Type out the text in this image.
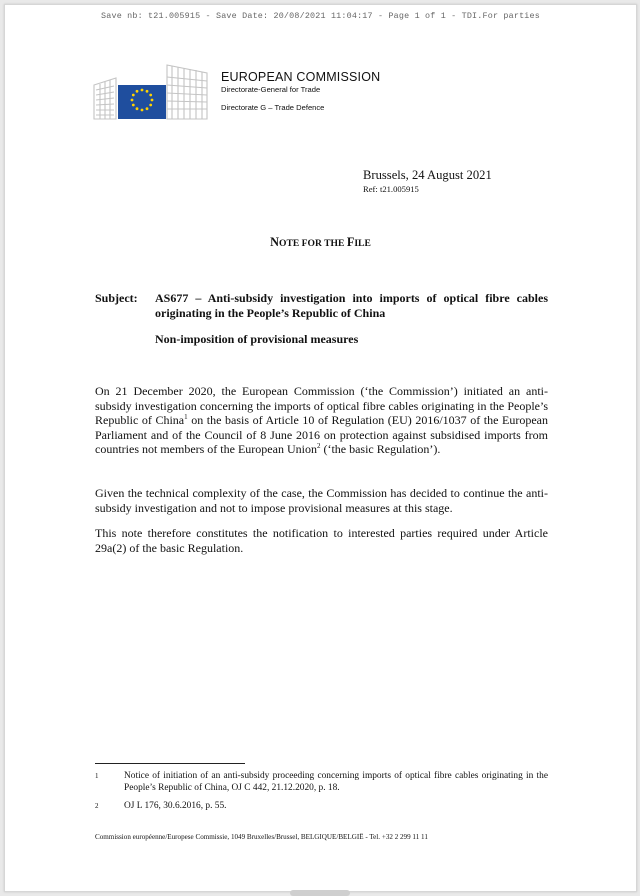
Save nb: t21.005915 - Save Date: 20/08/2021 11:04:17 - Page 1 of 1 - TDI.For parties
EUROPEAN COMMISSION
Directorate-General for Trade
Directorate G – Trade Defence
Brussels, 24 August 2021
Ref: t21.005915
NOTE FOR THE FILE
Subject: AS677 – Anti-subsidy investigation into imports of optical fibre cables originating in the People’s Republic of China
Non-imposition of provisional measures
On 21 December 2020, the European Commission (‘the Commission’) initiated an anti-subsidy investigation concerning the imports of optical fibre cables originating in the People’s Republic of China$^1$ on the basis of Article 10 of Regulation (EU) 2016/1037 of the European Parliament and of the Council of 8 June 2016 on protection against subsidised imports from countries not members of the European Union$^2$ (‘the basic Regulation’).
Given the technical complexity of the case, the Commission has decided to continue the anti-subsidy investigation and not to impose provisional measures at this stage.
This note therefore constitutes the notification to interested parties required under Article 29a(2) of the basic Regulation.
1	Notice of initiation of an anti-subsidy proceeding concerning imports of optical fibre cables originating in the People’s Republic of China, OJ C 442, 21.12.2020, p. 18.
2	OJ L 176, 30.6.2016, p. 55.
Commission européenne/Europese Commissie, 1049 Bruxelles/Brussel, BELGIQUE/BELGIË - Tel. +32 2 299 11 11
